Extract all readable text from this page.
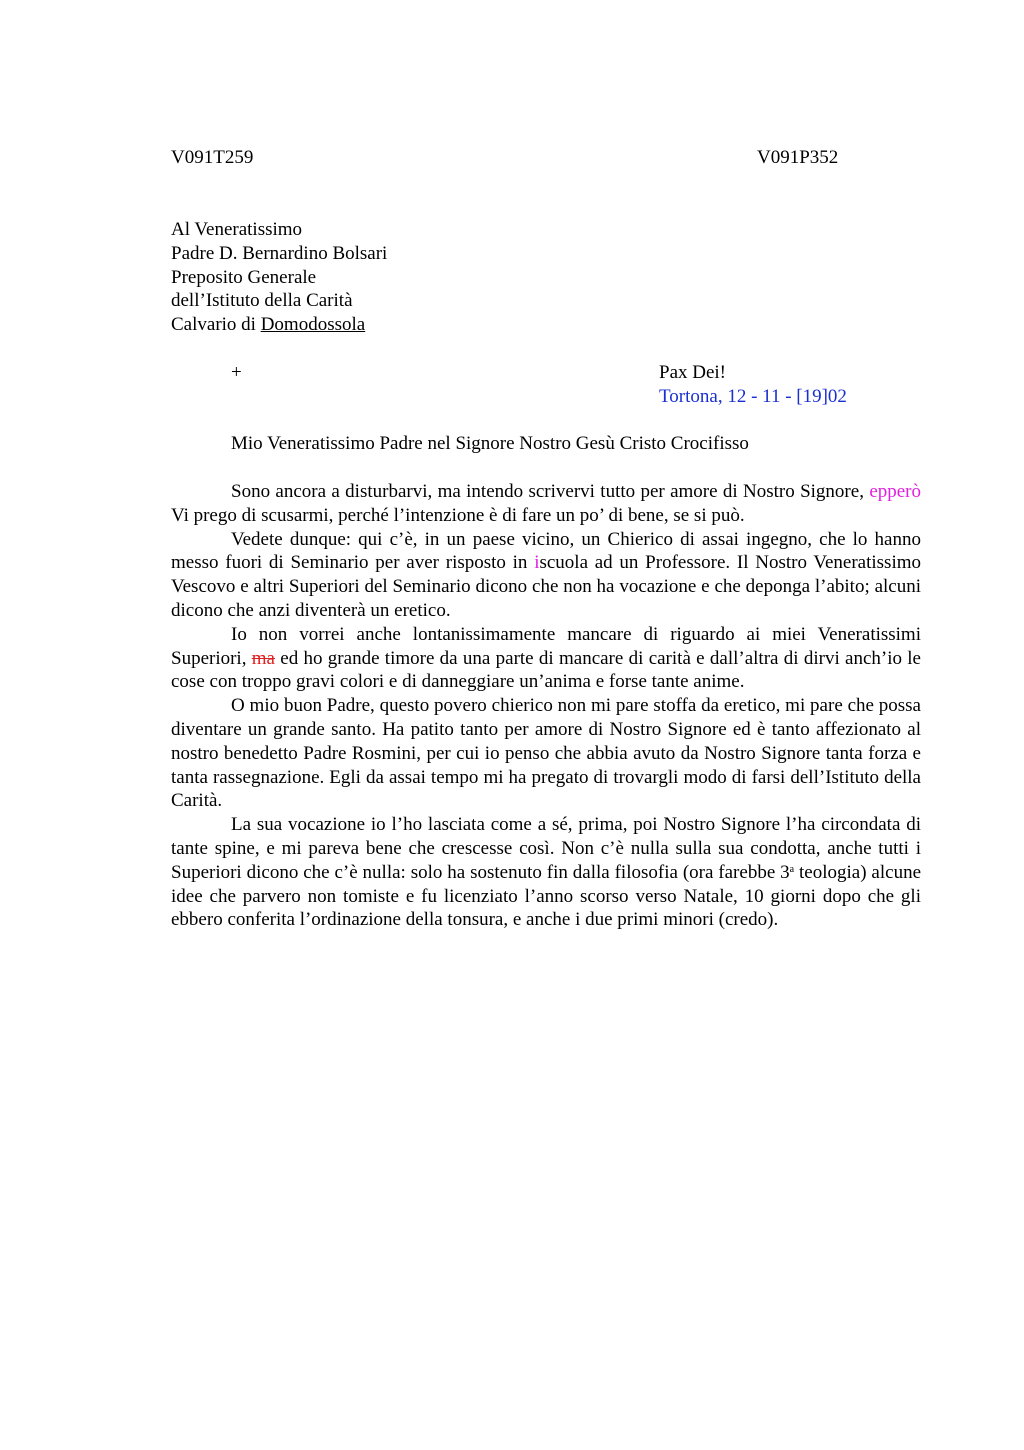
V091T259	V091P352
Al Veneratissimo
Padre D. Bernardino Bolsari
Preposito Generale
dell’Istituto della Carità
Calvario di Domodossola
+	Pax Dei!
Tortona, 12 - 11 - [19]02
Mio Veneratissimo Padre nel Signore Nostro Gesù Cristo Crocifisso

Sono ancora a disturbarvi, ma intendo scrivervi tutto per amore di Nostro Signore, epperò Vi prego di scusarmi, perché l’intenzione è di fare un po’ di bene, se si può.

Vedete dunque: qui c’è, in un paese vicino, un Chierico di assai ingegno, che lo hanno messo fuori di Seminario per aver risposto in iscuola ad un Professore. Il Nostro Veneratissimo Vescovo e altri Superiori del Seminario dicono che non ha vocazione e che deponga l’abito; alcuni dicono che anzi diventerà un eretico.

Io non vorrei anche lontanissimamente mancare di riguardo ai miei Veneratissimi Superiori, ma ed ho grande timore da una parte di mancare di carità e dall’altra di dirvi anch’io le cose con troppo gravi colori e di danneggiare un’anima e forse tante anime.

O mio buon Padre, questo povero chierico non mi pare stoffa da eretico, mi pare che possa diventare un grande santo. Ha patito tanto per amore di Nostro Signore ed è tanto affezionato al nostro benedetto Padre Rosmini, per cui io penso che abbia avuto da Nostro Signore tanta forza e tanta rassegnazione. Egli da assai tempo mi ha pregato di trovargli modo di farsi dell’Istituto della Carità.

La sua vocazione io l’ho lasciata come a sé, prima, poi Nostro Signore l’ha circondata di tante spine, e mi pareva bene che crescesse così. Non c’è nulla sulla sua condotta, anche tutti i Superiori dicono che c’è nulla: solo ha sostenuto fin dalla filosofia (ora farebbe 3$^a$ teologia) alcune idee che parvero non tomiste e fu licenziato l’anno scorso verso Natale, 10 giorni dopo che gli ebbero conferita l’ordinazione della tonsura, e anche i due primi minori (credo).
